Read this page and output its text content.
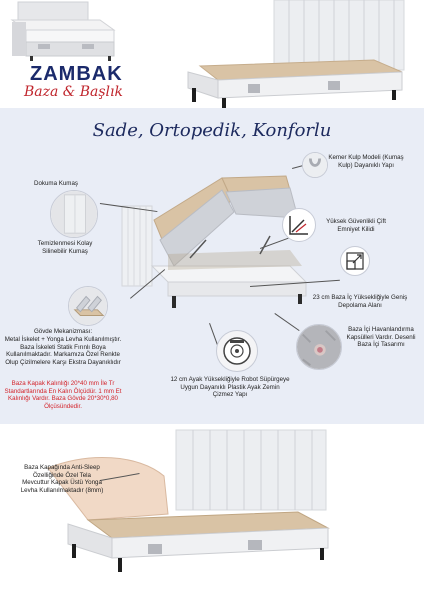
ZAMBAK
Baza & Başlık
Sade, Ortopedik, Konforlu
Kemer Kulp Modeli (Kumaş Kulp) Dayanıklı Yapı
Dokuma Kumaş
Temizlenmesi Kolay Silinebilir Kumaş
Yüksek Güvenlikli Çift Emniyet Kilidi
23 cm Baza İç Yüksekliğiyle Geniş Depolama Alanı
Gövde Mekanizması:
Metal İskelet + Yonga Levha Kullanılmıştır. Baza İskeleti Statik Fırınlı Boya Kullanılmaktadır. Markamıza Özel Renkte Olup Çizilmelere Karşı Ekstra Dayanıklıdır
Baza Kapak Kalınlığı 20*40 mm İle Tr Standartlarında En Kalın Ölçüdür. 1 mm Et Kalınlığı Vardır. Baza Gövde 20*30*0,80 Ölçüsündedir.
12 cm Ayak Yüksekliğiyle Robot Süpürgeye Uygun Dayanıklı Plastik Ayak Zemin Çizmez Yapı
Baza İçi Havanlandırma Kapsülleri Vardır. Desenli Baza İçi Tasarımı
Baza Kapağında Anti-Sleep Özelliğinde Özel Tela Mevcuttur Kapak Üstü Yonga Levha Kullanılmaktadır (8mm)
